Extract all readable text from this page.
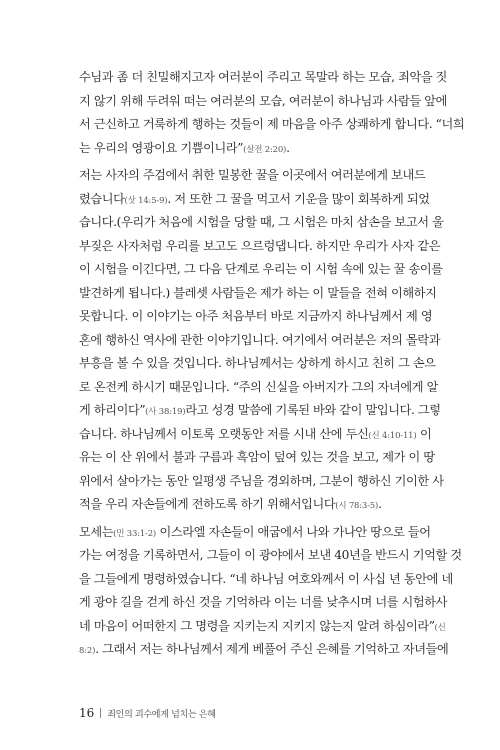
수님과 좀 더 친밀해지고자 여러분이 주리고 목말라 하는 모습, 죄악을 짓
지 않기 위해 두려워 떠는 여러분의 모습, 여러분이 하나님과 사람들 앞에
서 근신하고 거룩하게 행하는 것들이 제 마음을 아주 상쾌하게 합니다. “너희
는 우리의 영광이요 기쁨이니라”(살전 2:20).
저는 사자의 주검에서 취한 밀봉한 꿀을 이곳에서 여러분에게 보내드
렸습니다(삿 14:5-9). 저 또한 그 꿀을 먹고서 기운을 많이 회복하게 되었
습니다.(우리가 처음에 시험을 당할 때, 그 시험은 마치 삼손을 보고서 울
부짖은 사자처럼 우리를 보고도 으르렁댑니다. 하지만 우리가 사자 같은
이 시험을 이긴다면, 그 다음 단계로 우리는 이 시험 속에 있는 꿀 송이를
발견하게 됩니다.) 블레셋 사람들은 제가 하는 이 말들을 전혀 이해하지
못합니다. 이 이야기는 아주 처음부터 바로 지금까지 하나님께서 제 영
혼에 행하신 역사에 관한 이야기입니다. 여기에서 여러분은 저의 몰락과
부흥을 볼 수 있을 것입니다. 하나님께서는 상하게 하시고 친히 그 손으
로 온전케 하시기 때문입니다. “주의 신실을 아버지가 그의 자녀에게 알
게 하리이다”(사 38:19)라고 성경 말씀에 기록된 바와 같이 말입니다. 그렇
습니다. 하나님께서 이토록 오랫동안 저를 시내 산에 두신(신 4:10-11) 이
유는 이 산 위에서 불과 구름과 흑암이 덮여 있는 것을 보고, 제가 이 땅
위에서 살아가는 동안 일평생 주님을 경외하며, 그분이 행하신 기이한 사
적을 우리 자손들에게 전하도록 하기 위해서입니다(시 78:3-5).
모세는(민 33:1-2) 이스라엘 자손들이 애굽에서 나와 가나안 땅으로 들어
가는 여정을 기록하면서, 그들이 이 광야에서 보낸 40년을 반드시 기억할 것
을 그들에게 명령하였습니다. “네 하나님 여호와께서 이 사십 년 동안에 네
게 광야 길을 걷게 하신 것을 기억하라 이는 너를 낮추시며 너를 시험하사
네 마음이 어떠한지 그 명령을 지키는지 지키지 않는지 알려 하심이라”(신
8:2). 그래서 저는 하나님께서 제게 베풀어 주신 은혜를 기억하고 자녀들에
16 죄인의 괴수에게 넘치는 은혜
